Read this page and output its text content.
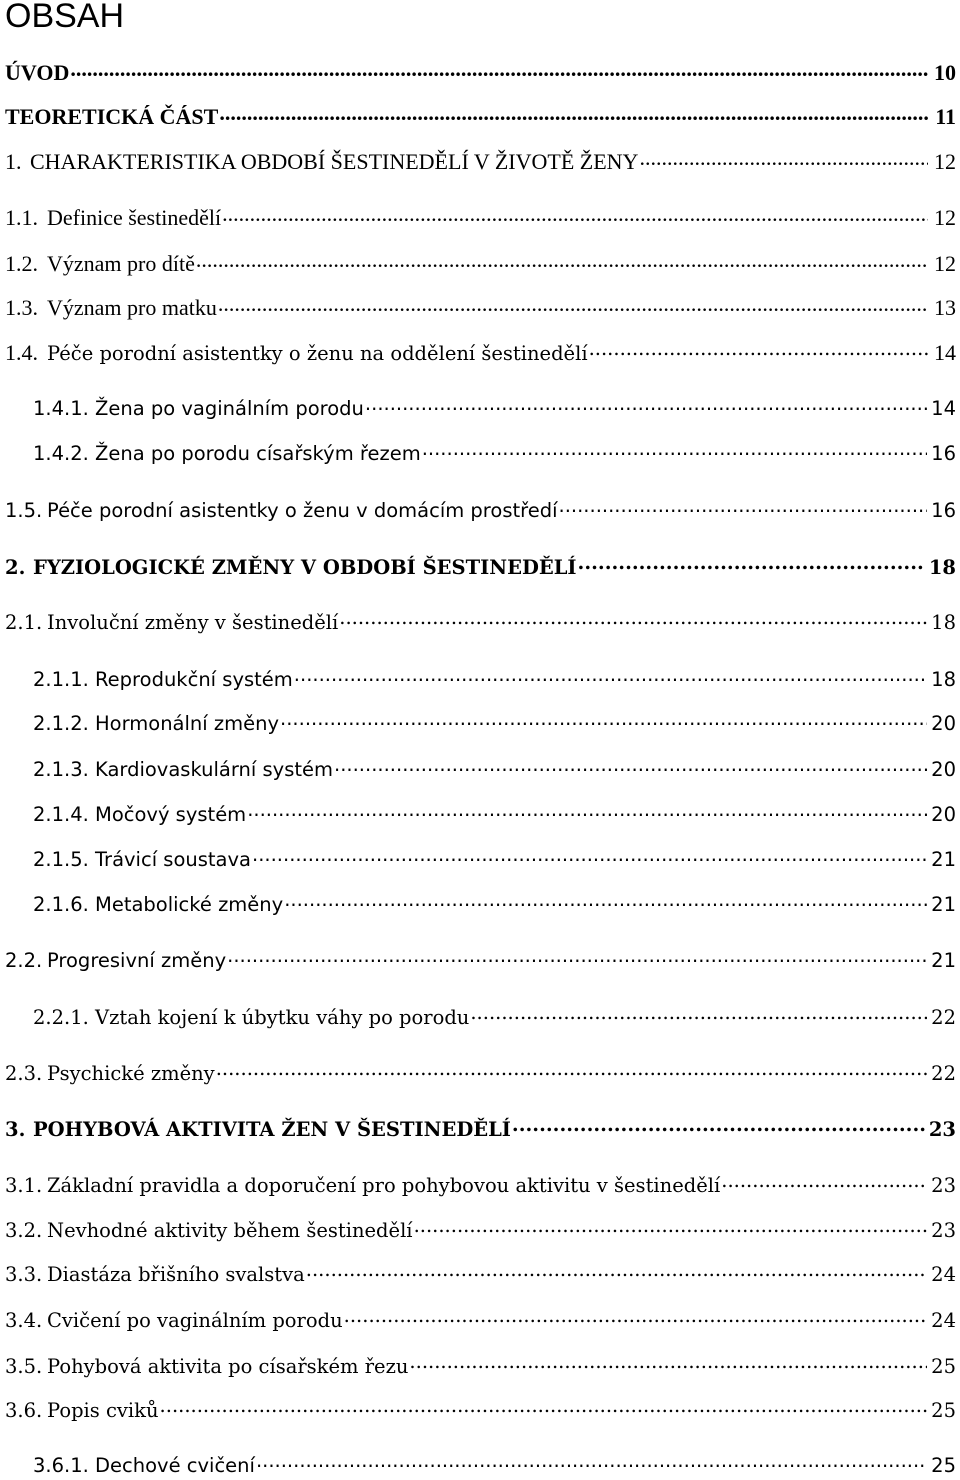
OBSAH
ÚVOD .....	10
TEORETICKÁ ČÁST .....	11
1. CHARAKTERISTIKA OBDOBÍ ŠESTINEDĚLÍ V ŽIVOTĚ ŽENY .....	12
1.1. Definice šestinedělí .....	12
1.2. Význam pro dítě .....	12
1.3. Význam pro matku .....	13
1.4. Péče porodní asistentky o ženu na oddělení šestinedělí .....	14
1.4.1. Žena po vaginálním porodu .....	14
1.4.2. Žena po porodu císařským řezem .....	16
1.5. Péče porodní asistentky o ženu v domácím prostředí .....	16
2. FYZIOLOGICKÉ ZMĚNY V OBDOBÍ ŠESTINEDĚLÍ .....	18
2.1. Involuční změny v šestinedělí .....	18
2.1.1. Reprodukční systém .....	18
2.1.2. Hormonální změny .....	20
2.1.3. Kardiovaskulární systém .....	20
2.1.4. Močový systém .....	20
2.1.5. Trávicí soustava .....	21
2.1.6. Metabolické změny .....	21
2.2. Progresivní změny .....	21
2.2.1. Vztah kojení k úbytku váhy po porodu .....	22
2.3. Psychické změny .....	22
3. POHYBOVÁ AKTIVITA ŽEN V ŠESTINEDĚLÍ .....	23
3.1. Základní pravidla a doporučení pro pohybovou aktivitu v šestinedělí .....	23
3.2. Nevhodné aktivity během šestinedělí .....	23
3.3. Diastáza břišního svalstva .....	24
3.4. Cvičení po vaginálním porodu .....	24
3.5. Pohybová aktivita po císařském řezu .....	25
3.6. Popis cviků .....	25
3.6.1. Dechové cvičení .....	25
